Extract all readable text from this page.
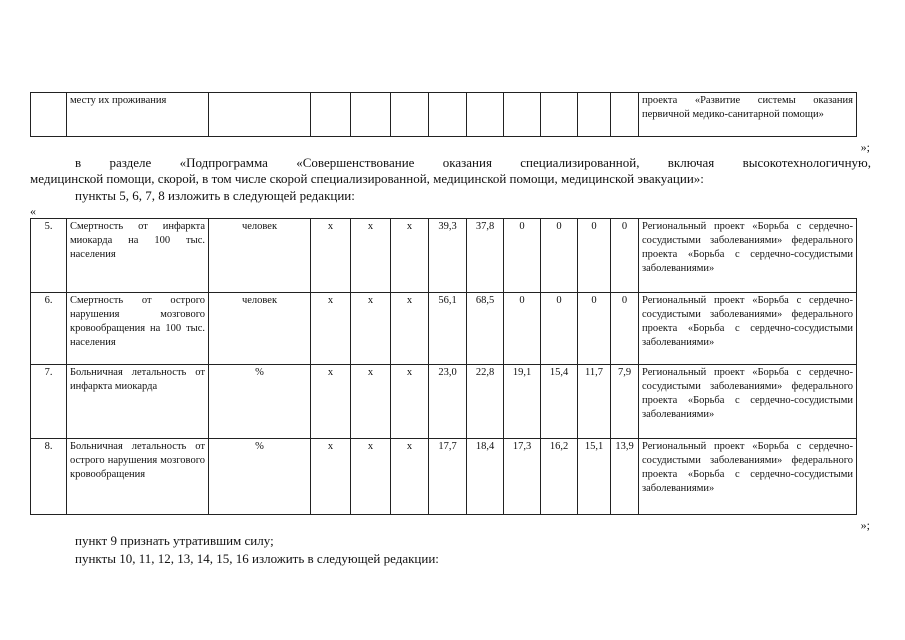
	месту их проживания											проекта «Развитие системы оказания первичной медико-санитарной помощи»
»;
в разделе «Подпрограмма «Совершенствование оказания специализированной, включая высокотехнологичную,
медицинской помощи, скорой, в том числе скорой специализированной, медицинской помощи, медицинской эвакуации»:
пункты 5, 6, 7, 8 изложить в следующей редакции:
«
5.	Смертность от инфаркта миокарда на 100 тыс. населения	человек	х	х	х	39,3	37,8	0	0	0	0	Региональный проект «Борьба с сердечно-сосудистыми заболеваниями» федерального проекта «Борьба с сердечно-сосудистыми заболеваниями»
6.	Смертность от острого нарушения мозгового кровообращения на 100 тыс. населения	человек	х	х	х	56,1	68,5	0	0	0	0	Региональный проект «Борьба с сердечно-сосудистыми заболеваниями» федерального проекта «Борьба с сердечно-сосудистыми заболеваниями»
7.	Больничная летальность от инфаркта миокарда	%	х	х	х	23,0	22,8	19,1	15,4	11,7	7,9	Региональный проект «Борьба с сердечно-сосудистыми заболеваниями» федерального проекта «Борьба с сердечно-сосудистыми заболеваниями»
8.	Больничная летальность от острого нарушения мозгового кровообращения	%	х	х	х	17,7	18,4	17,3	16,2	15,1	13,9	Региональный проект «Борьба с сердечно-сосудистыми заболеваниями» федерального проекта «Борьба с сердечно-сосудистыми заболеваниями»
»;
пункт 9 признать утратившим силу;
пункты 10, 11, 12, 13, 14, 15, 16 изложить в следующей редакции:
